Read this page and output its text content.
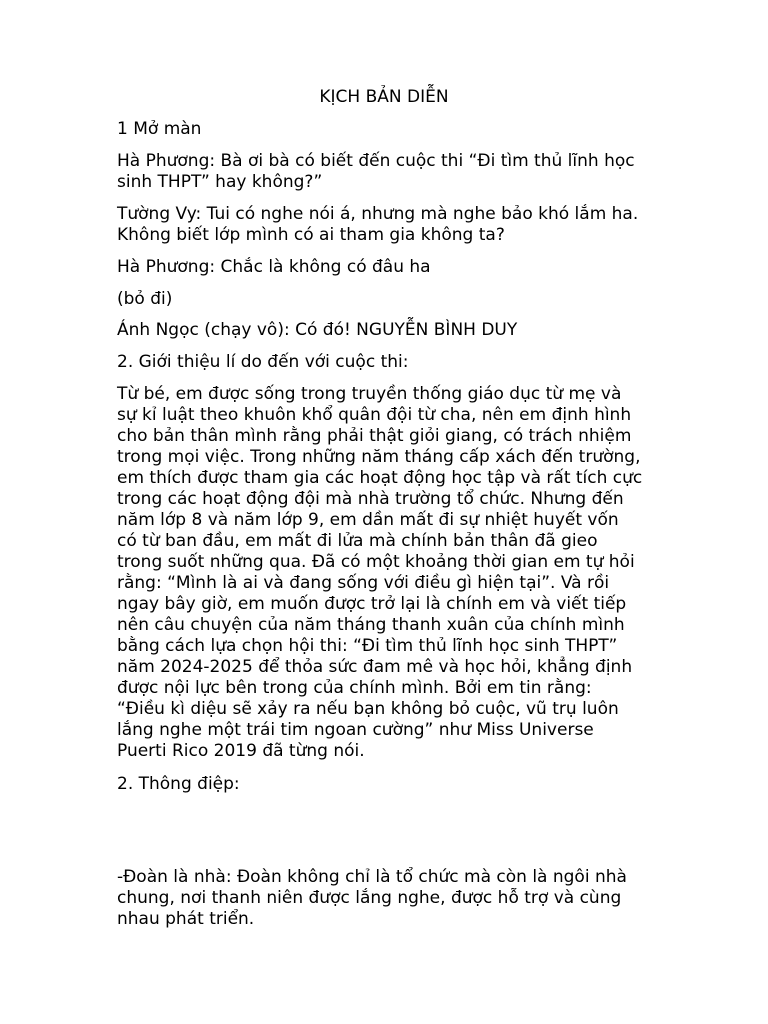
KỊCH BẢN DIỄN
1 Mở màn
Hà Phương: Bà ơi bà có biết đến cuộc thi “Đi tìm thủ lĩnh học
sinh THPT” hay không?”
Tường Vy: Tui có nghe nói á, nhưng mà nghe bảo khó lắm ha.
Không biết lớp mình có ai tham gia không ta?
Hà Phương: Chắc là không có đâu ha
(bỏ đi)
Ánh Ngọc (chạy vô): Có đó! NGUYỄN BÌNH DUY
2. Giới thiệu lí do đến với cuộc thi:
Từ bé, em được sống trong truyền thống giáo dục từ mẹ và
sự kỉ luật theo khuôn khổ quân đội từ cha, nên em định hình
cho bản thân mình rằng phải thật giỏi giang, có trách nhiệm
trong mọi việc. Trong những năm tháng cấp xách đến trường,
em thích được tham gia các hoạt động học tập và rất tích cực
trong các hoạt động đội mà nhà trường tổ chức. Nhưng đến
năm lớp 8 và năm lớp 9, em dần mất đi sự nhiệt huyết vốn
có từ ban đầu, em mất đi lửa mà chính bản thân đã gieo
trong suốt những qua. Đã có một khoảng thời gian em tự hỏi
rằng: “Mình là ai và đang sống với điều gì hiện tại”. Và rồi
ngay bây giờ, em muốn được trở lại là chính em và viết tiếp
nên câu chuyện của năm tháng thanh xuân của chính mình
bằng cách lựa chọn hội thi: “Đi tìm thủ lĩnh học sinh THPT”
năm 2024-2025 để thỏa sức đam mê và học hỏi, khẳng định
được nội lực bên trong của chính mình. Bởi em tin rằng:
“Điều kì diệu sẽ xảy ra nếu bạn không bỏ cuộc, vũ trụ luôn
lắng nghe một trái tim ngoan cường” như Miss Universe
Puerti Rico 2019 đã từng nói.
2. Thông điệp:
-Đoàn là nhà: Đoàn không chỉ là tổ chức mà còn là ngôi nhà
chung, nơi thanh niên được lắng nghe, được hỗ trợ và cùng
nhau phát triển.
